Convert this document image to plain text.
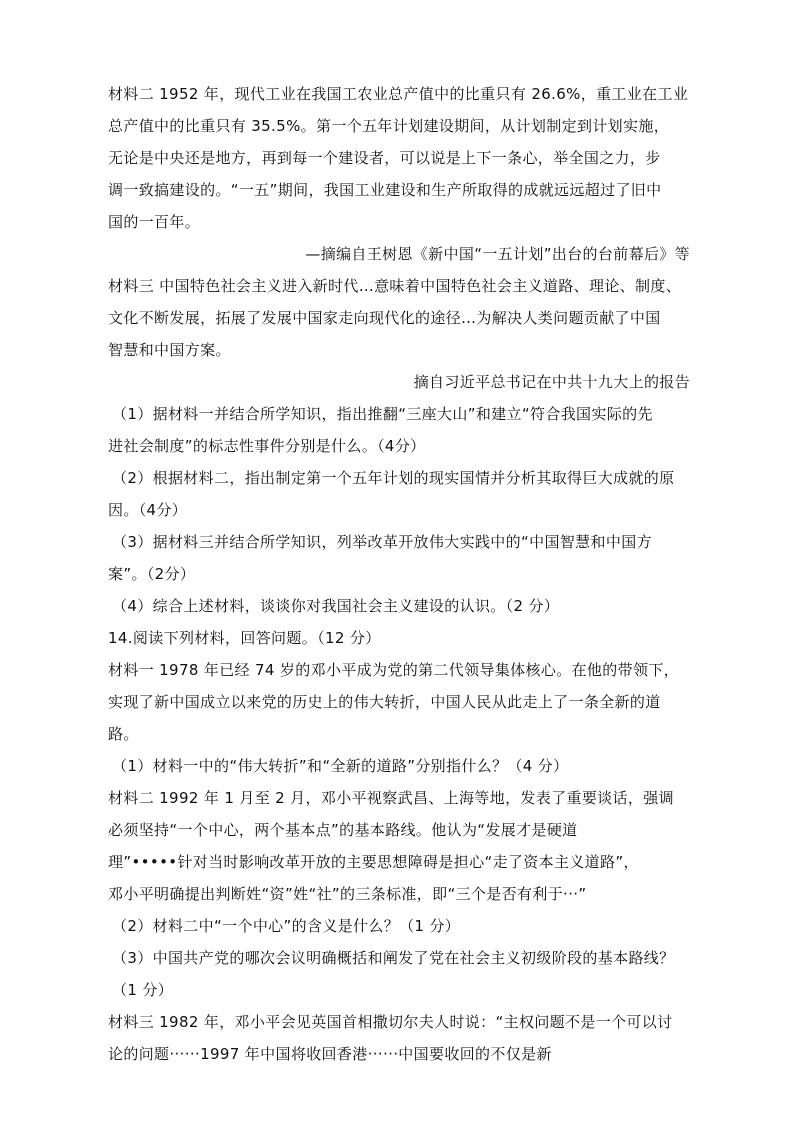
材料二 1952 年，现代工业在我国工农业总产值中的比重只有 26.6%，重工业在工业
总产值中的比重只有 35.5%。第一个五年计划建设期间，从计划制定到计划实施，
无论是中央还是地方，再到每一个建设者，可以说是上下一条心，举全国之力，步
调一致搞建设的。“一五”期间，我国工业建设和生产所取得的成就远远超过了旧中
国的一百年。
—摘编自王树恩《新中国“一五计划”出台的台前幕后》等
材料三 中国特色社会主义进入新时代…意味着中国特色社会主义道路、理论、制度、
文化不断发展，拓展了发展中国家走向现代化的途径…为解决人类问题贡献了中国
智慧和中国方案。
摘自习近平总书记在中共十九大上的报告
（1）据材料一并结合所学知识，指出推翻“三座大山”和建立“符合我国实际的先
进社会制度”的标志性事件分别是什么。（4分）
（2）根据材料二，指出制定第一个五年计划的现实国情并分析其取得巨大成就的原
因。（4分）
（3）据材料三并结合所学知识，列举改革开放伟大实践中的“中国智慧和中国方
案”。（2分）
（4）综合上述材料，谈谈你对我国社会主义建设的认识。（2 分）
14.阅读下列材料，回答问题。（12 分）
材料一 1978 年已经 74 岁的邓小平成为党的第二代领导集体核心。在他的带领下，
实现了新中国成立以来党的历史上的伟大转折，中国人民从此走上了一条全新的道
路。
（1）材料一中的“伟大转折”和“全新的道路”分别指什么？（4 分）
材料二 1992 年 1 月至 2 月，邓小平视察武昌、上海等地，发表了重要谈话，强调
必须坚持“一个中心，两个基本点”的基本路线。他认为“发展才是硬道
理”•••••针对当时影响改革开放的主要思想障碍是担心“走了资本主义道路”，
邓小平明确提出判断姓“资”姓“社”的三条标准，即“三个是否有利于···”
（2）材料二中“一个中心”的含义是什么？（1 分）
（3）中国共产党的哪次会议明确概括和阐发了党在社会主义初级阶段的基本路线？
（1 分）
材料三 1982 年，邓小平会见英国首相撒切尔夫人时说：“主权问题不是一个可以讨
论的问题······1997 年中国将收回香港······中国要收回的不仅是新
